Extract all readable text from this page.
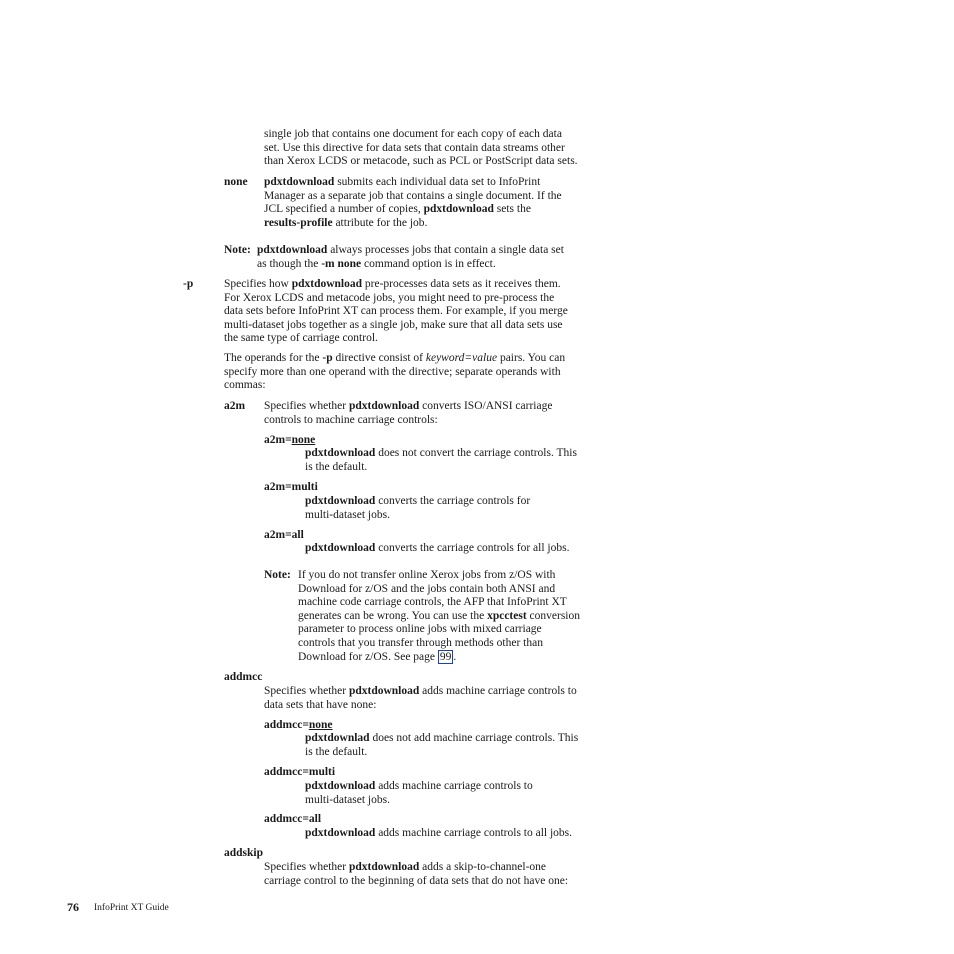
single job that contains one document for each copy of each data
set. Use this directive for data sets that contain data streams other
than Xerox LCDS or metacode, such as PCL or PostScript data sets.
none pdxtdownload submits each individual data set to InfoPrint
Manager as a separate job that contains a single document. If the
JCL specified a number of copies, pdxtdownload sets the
results-profile attribute for the job.
Note: pdxtdownload always processes jobs that contain a single data set
as though the -m none command option is in effect.
-p	Specifies how pdxtdownload pre-processes data sets as it receives them.
For Xerox LCDS and metacode jobs, you might need to pre-process the
data sets before InfoPrint XT can process them. For example, if you merge
multi-dataset jobs together as a single job, make sure that all data sets use
the same type of carriage control.
The operands for the -p directive consist of keyword=value pairs. You can
specify more than one operand with the directive; separate operands with
commas:
a2m Specifies whether pdxtdownload converts ISO/ANSI carriage
controls to machine carriage controls:
a2m=none
pdxtdownload does not convert the carriage controls. This
is the default.
a2m=multi
pdxtdownload converts the carriage controls for
multi-dataset jobs.
a2m=all
pdxtdownload converts the carriage controls for all jobs.
Note: If you do not transfer online Xerox jobs from z/OS with
Download for z/OS and the jobs contain both ANSI and
machine code carriage controls, the AFP that InfoPrint XT
generates can be wrong. You can use the xpcctest conversion
parameter to process online jobs with mixed carriage
controls that you transfer through methods other than
Download for z/OS. See page 99 .
addmcc
Specifies whether pdxtdownload adds machine carriage controls to
data sets that have none:
addmcc=none
pdxtdownlad does not add machine carriage controls. This
is the default.
addmcc=multi
pdxtdownload adds machine carriage controls to
multi-dataset jobs.
addmcc=all
pdxtdownload adds machine carriage controls to all jobs.
addskip
Specifies whether pdxtdownload adds a skip-to-channel-one
carriage control to the beginning of data sets that do not have one:
76 InfoPrint XT Guide
